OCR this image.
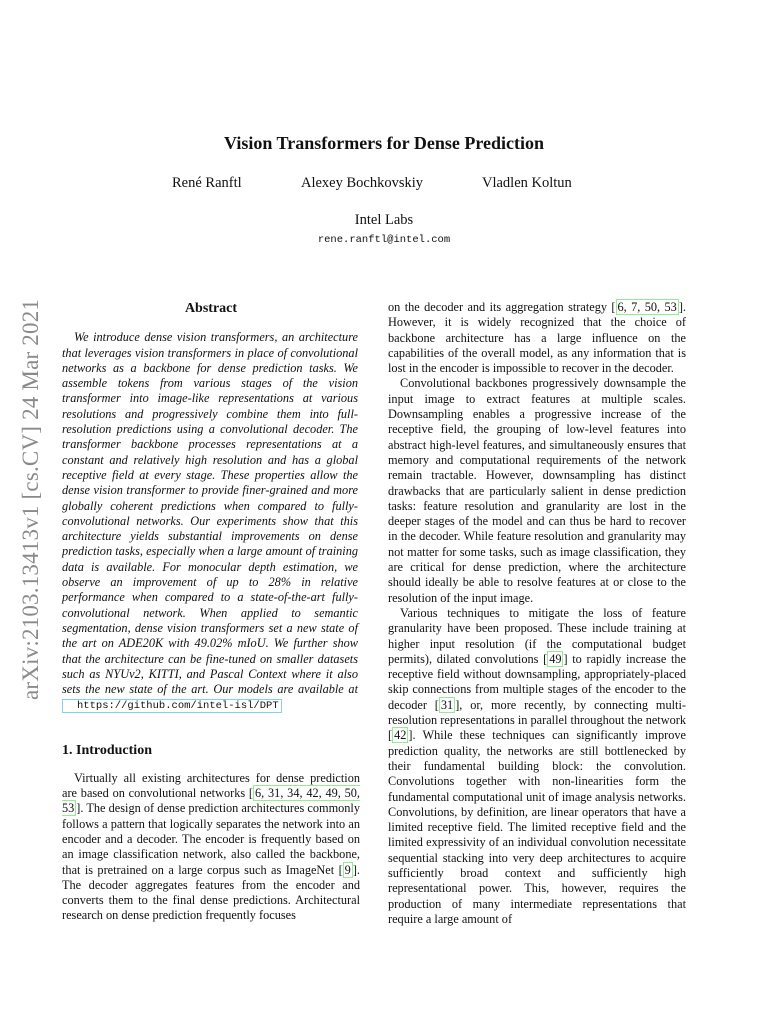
arXiv:2103.13413v1 [cs.CV] 24 Mar 2021
Vision Transformers for Dense Prediction
René Ranftl	Alexey Bochkovskiy	Vladlen Koltun
Intel Labs
rene.ranftl@intel.com
Abstract

We introduce dense vision transformers, an architecture that leverages vision transformers in place of convolutional networks as a backbone for dense prediction tasks. We assemble tokens from various stages of the vision transformer into image-like representations at various resolutions and progressively combine them into full-resolution predictions using a convolutional decoder. The transformer backbone processes representations at a constant and relatively high resolution and has a global receptive field at every stage. These properties allow the dense vision transformer to provide finer-grained and more globally coherent predictions when compared to fully-convolutional networks. Our experiments show that this architecture yields substantial improvements on dense prediction tasks, especially when a large amount of training data is available. For monocular depth estimation, we observe an improvement of up to 28% in relative performance when compared to a state-of-the-art fully-convolutional network. When applied to semantic segmentation, dense vision transformers set a new state of the art on ADE20K with 49.02% mIoU. We further show that the architecture can be fine-tuned on smaller datasets such as NYUv2, KITTI, and Pascal Context where it also sets the new state of the art. Our models are available at https://github.com/intel-isl/DPT

1. Introduction

Virtually all existing architectures for dense prediction are based on convolutional networks [ 6, 31, 34, 42, 49, 50, 53 ]. The design of dense prediction architectures commonly follows a pattern that logically separates the network into an encoder and a decoder. The encoder is frequently based on an image classification network, also called the backbone, that is pretrained on a large corpus such as ImageNet [ 9 ]. The decoder aggregates features from the encoder and converts them to the final dense predictions. Architectural research on dense prediction frequently focuses

on the decoder and its aggregation strategy [ 6, 7, 50, 53 ]. However, it is widely recognized that the choice of backbone architecture has a large influence on the capabilities of the overall model, as any information that is lost in the encoder is impossible to recover in the decoder.

Convolutional backbones progressively downsample the input image to extract features at multiple scales. Downsampling enables a progressive increase of the receptive field, the grouping of low-level features into abstract high-level features, and simultaneously ensures that memory and computational requirements of the network remain tractable. However, downsampling has distinct drawbacks that are particularly salient in dense prediction tasks: feature resolution and granularity are lost in the deeper stages of the model and can thus be hard to recover in the decoder. While feature resolution and granularity may not matter for some tasks, such as image classification, they are critical for dense prediction, where the architecture should ideally be able to resolve features at or close to the resolution of the input image.

Various techniques to mitigate the loss of feature granularity have been proposed. These include training at higher input resolution (if the computational budget permits), dilated convolutions [ 49 ] to rapidly increase the receptive field without downsampling, appropriately-placed skip connections from multiple stages of the encoder to the decoder [ 31 ], or, more recently, by connecting multi-resolution representations in parallel throughout the network [ 42 ]. While these techniques can significantly improve prediction quality, the networks are still bottlenecked by their fundamental building block: the convolution. Convolutions together with non-linearities form the fundamental computational unit of image analysis networks. Convolutions, by definition, are linear operators that have a limited receptive field. The limited receptive field and the limited expressivity of an individual convolution necessitate sequential stacking into very deep architectures to acquire sufficiently broad context and sufficiently high representational power. This, however, requires the production of many intermediate representations that require a large amount of
